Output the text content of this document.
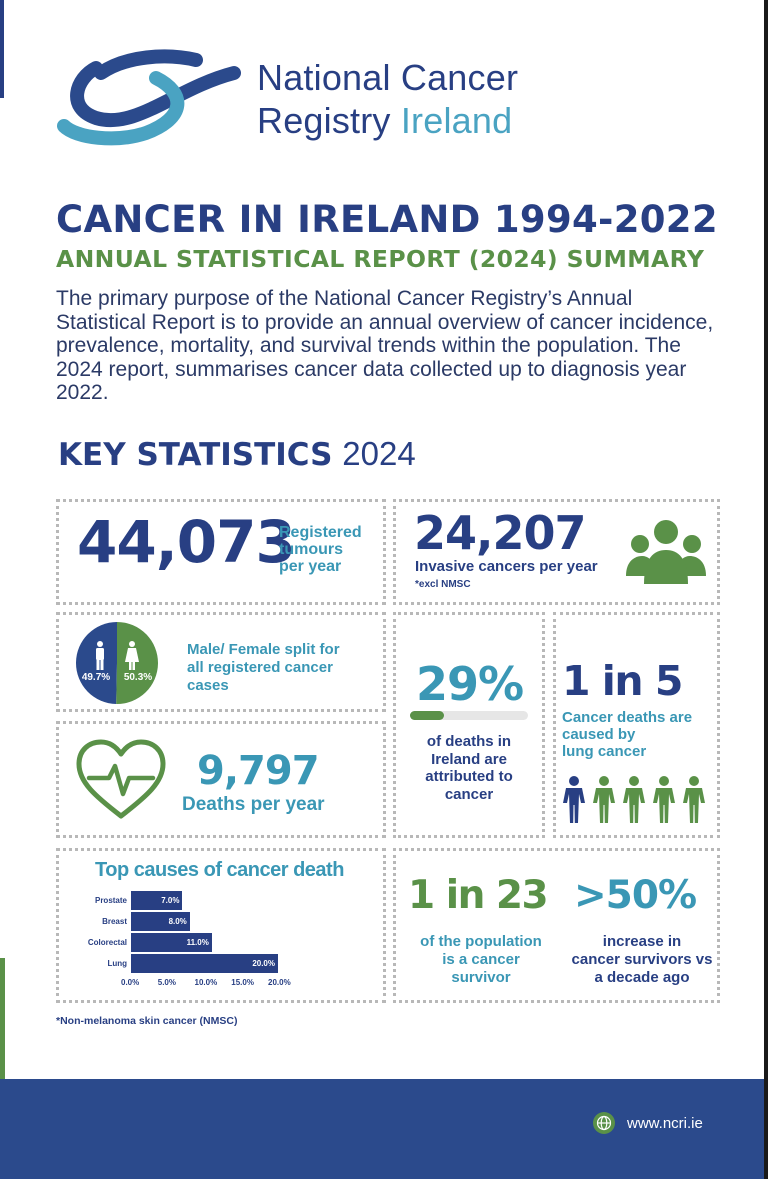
National Cancer
Registry Ireland
CANCER IN IRELAND 1994-2022
ANNUAL STATISTICAL REPORT (2024) SUMMARY
The primary purpose of the National Cancer Registry’s Annual Statistical Report is to provide an annual overview of cancer incidence, prevalence, mortality, and survival trends within the population. The 2024 report, summarises cancer data collected up to diagnosis year 2022.
KEY STATISTICS 2024
44,073
Registered
tumours
per year
24,207
Invasive cancers per year
*excl NMSC
49.7% 50.3%
Male/ Female split for
all registered cancer
cases	29%
of deaths in
Ireland are
attributed to
cancer
1 in 5
Cancer deaths are
caused by
lung cancer
9,797
Deaths per year
Top causes of cancer death
Prostate	7.0%
Breast	8.0%
Colorectal	11.0%
Lung	20.0%
0.0% 5.0% 10.0% 15.0% 20.0%
1 in 23
of the population
is a cancer
survivor
>50%
increase in
cancer survivors vs
a decade ago
*Non-melanoma skin cancer (NMSC)
www.ncri.ie
